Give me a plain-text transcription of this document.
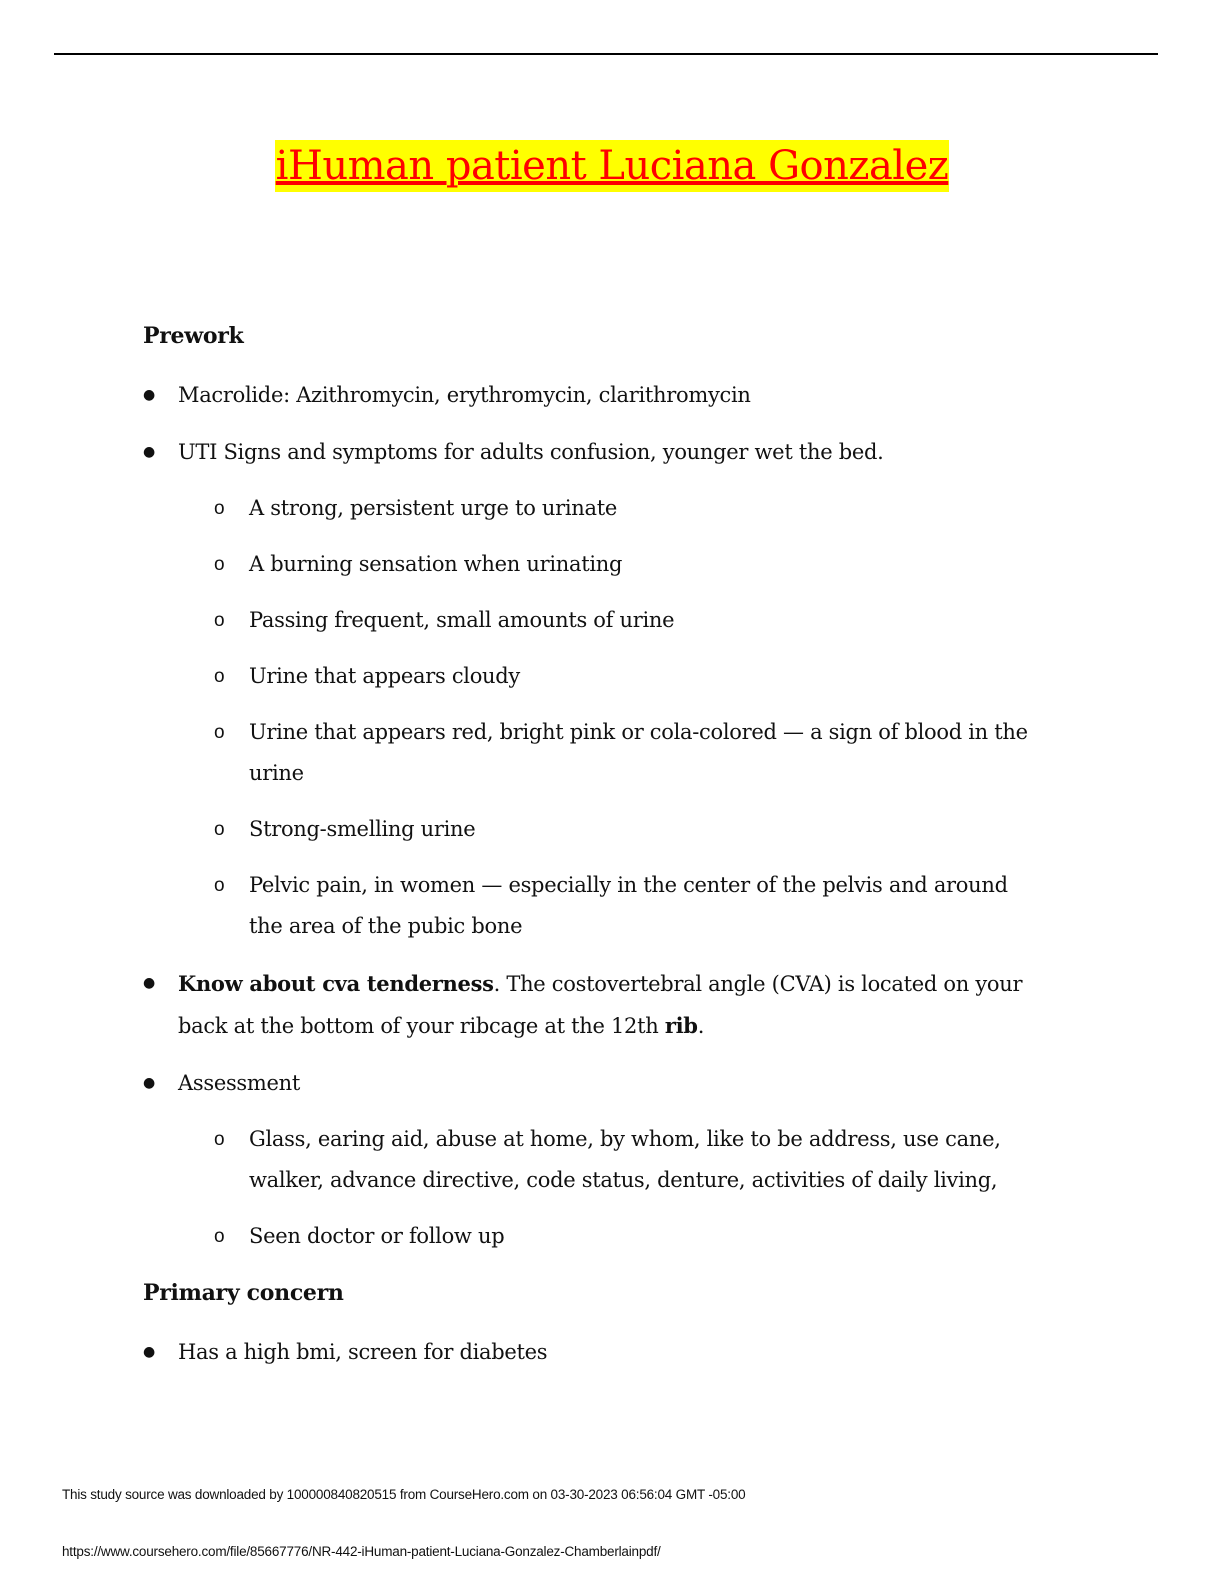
iHuman patient Luciana Gonzalez
Prework
●	Macrolide: Azithromycin, erythromycin, clarithromycin
●	UTI Signs and symptoms for adults confusion, younger wet the bed.
o	A strong, persistent urge to urinate
o	A burning sensation when urinating
o	Passing frequent, small amounts of urine
o	Urine that appears cloudy
o	Urine that appears red, bright pink or cola-colored — a sign of blood in the urine
o	Strong-smelling urine
o	Pelvic pain, in women — especially in the center of the pelvis and around the area of the pubic bone
●	Know about cva tenderness. The costovertebral angle (CVA) is located on your back at the bottom of your ribcage at the 12th rib.
●	Assessment
o	Glass, earing aid, abuse at home, by whom, like to be address, use cane, walker, advance directive, code status, denture, activities of daily living,
o	Seen doctor or follow up
Primary concern
●	Has a high bmi, screen for diabetes
This study source was downloaded by 100000840820515 from CourseHero.com on 03-30-2023 06:56:04 GMT -05:00
https://www.coursehero.com/file/85667776/NR-442-iHuman-patient-Luciana-Gonzalez-Chamberlainpdf/
